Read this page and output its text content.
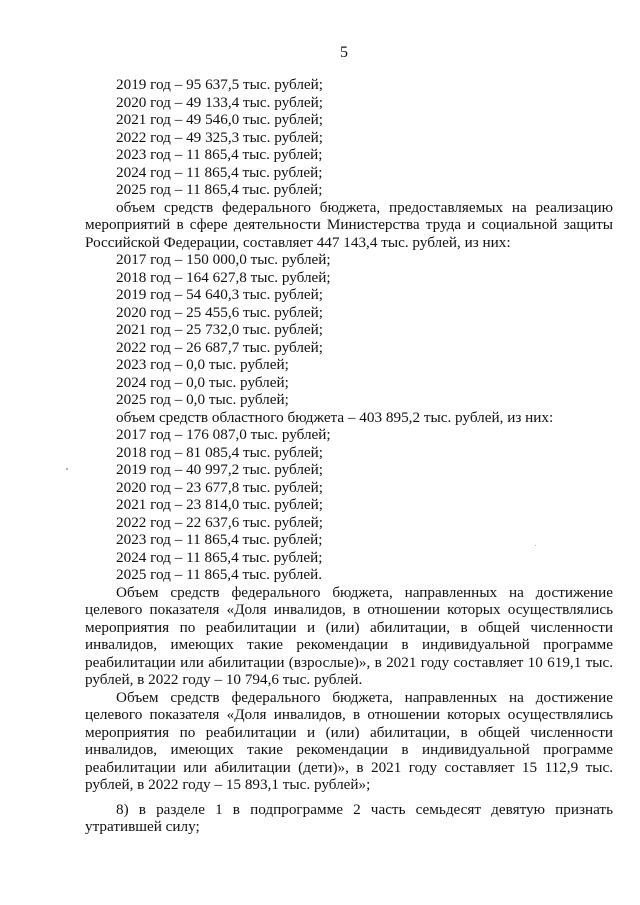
5
2019 год – 95 637,5 тыс. рублей;
2020 год – 49 133,4 тыс. рублей;
2021 год – 49 546,0 тыс. рублей;
2022 год – 49 325,3 тыс. рублей;
2023 год – 11 865,4 тыс. рублей;
2024 год – 11 865,4 тыс. рублей;
2025 год – 11 865,4 тыс. рублей;

объем средств федерального бюджета, предоставляемых на реализацию мероприятий в сфере деятельности Министерства труда и социальной защиты Российской Федерации, составляет 447 143,4 тыс. рублей, из них:

2017 год – 150 000,0 тыс. рублей;
2018 год – 164 627,8 тыс. рублей;
2019 год – 54 640,3 тыс. рублей;
2020 год – 25 455,6 тыс. рублей;
2021 год – 25 732,0 тыс. рублей;
2022 год – 26 687,7 тыс. рублей;
2023 год – 0,0 тыс. рублей;
2024 год – 0,0 тыс. рублей;
2025 год – 0,0 тыс. рублей;
объем средств областного бюджета – 403 895,2 тыс. рублей, из них:
2017 год – 176 087,0 тыс. рублей;
2018 год – 81 085,4 тыс. рублей;
2019 год – 40 997,2 тыс. рублей;
2020 год – 23 677,8 тыс. рублей;
2021 год – 23 814,0 тыс. рублей;
2022 год – 22 637,6 тыс. рублей;
2023 год – 11 865,4 тыс. рублей;
2024 год – 11 865,4 тыс. рублей;
2025 год – 11 865,4 тыс. рублей.

Объем средств федерального бюджета, направленных на достижение целевого показателя «Доля инвалидов, в отношении которых осуществлялись мероприятия по реабилитации и (или) абилитации, в общей численности инвалидов, имеющих такие рекомендации в индивидуальной программе реабилитации или абилитации (взрослые)», в 2021 году составляет 10 619,1 тыс. рублей, в 2022 году – 10 794,6 тыс. рублей.

Объем средств федерального бюджета, направленных на достижение целевого показателя «Доля инвалидов, в отношении которых осуществлялись мероприятия по реабилитации и (или) абилитации, в общей численности инвалидов, имеющих такие рекомендации в индивидуальной программе реабилитации или абилитации (дети)», в 2021 году составляет 15 112,9 тыс. рублей, в 2022 году – 15 893,1 тыс. рублей»;

8) в разделе 1 в подпрограмме 2 часть семьдесят девятую признать утратившей силу;
